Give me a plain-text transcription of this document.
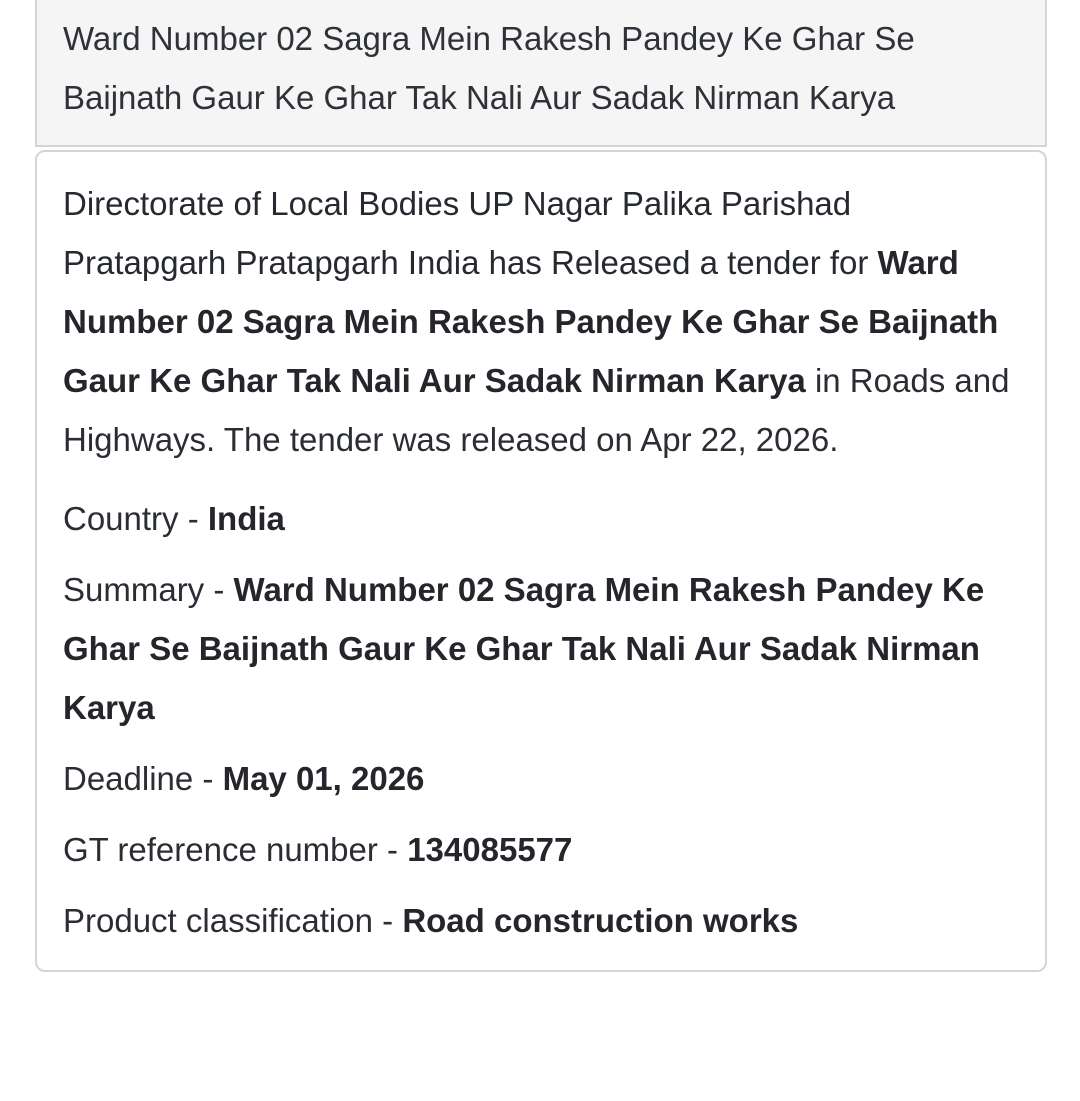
Ward Number 02 Sagra Mein Rakesh Pandey Ke Ghar Se Baijnath Gaur Ke Ghar Tak Nali Aur Sadak Nirman Karya

Directorate of Local Bodies UP Nagar Palika Parishad Pratapgarh Pratapgarh India has Released a tender for Ward Number 02 Sagra Mein Rakesh Pandey Ke Ghar Se Baijnath Gaur Ke Ghar Tak Nali Aur Sadak Nirman Karya in Roads and Highways. The tender was released on Apr 22, 2026.

Country - India

Summary - Ward Number 02 Sagra Mein Rakesh Pandey Ke Ghar Se Baijnath Gaur Ke Ghar Tak Nali Aur Sadak Nirman Karya

Deadline - May 01, 2026

GT reference number - 134085577

Product classification - Road construction works
